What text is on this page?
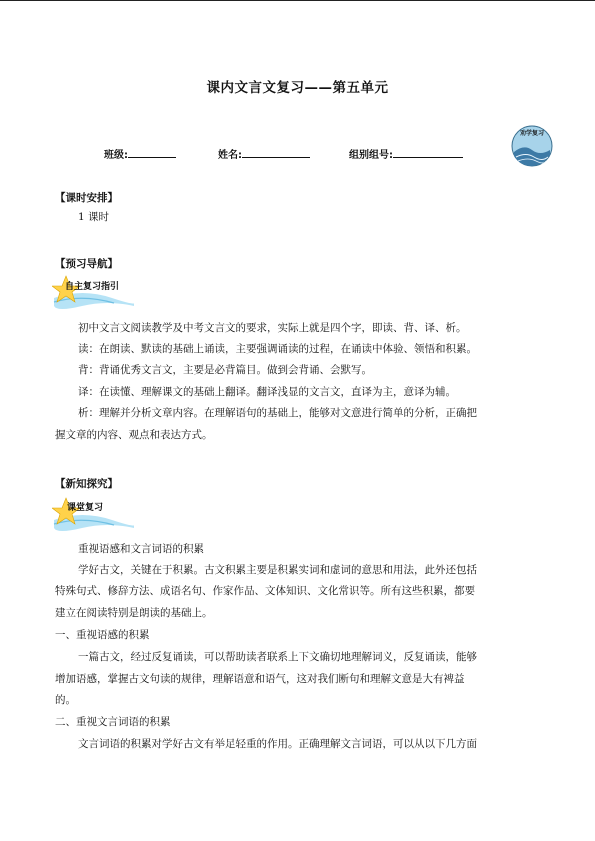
课内文言文复习——第五单元
班级:	姓名:	组别组号:
劝学复习
【课时安排】
1 课时
【预习导航】
自主复习指引
初中文言文阅读教学及中考文言文的要求，实际上就是四个字，即读、背、译、析。
读：在朗读、默读的基础上诵读，主要强调诵读的过程，在诵读中体验、领悟和积累。
背：背诵优秀文言文，主要是必背篇目。做到会背诵、会默写。
译：在读懂、理解课文的基础上翻译。翻译浅显的文言文，直译为主，意译为辅。
析：理解并分析文章内容。在理解语句的基础上，能够对文意进行简单的分析，正确把
握文章的内容、观点和表达方式。
【新知探究】
课堂复习
重视语感和文言词语的积累
学好古文，关键在于积累。古文积累主要是积累实词和虚词的意思和用法，此外还包括
特殊句式、修辞方法、成语名句、作家作品、文体知识、文化常识等。所有这些积累，都要
建立在阅读特别是朗读的基础上。
一、重视语感的积累
一篇古文，经过反复诵读，可以帮助读者联系上下文确切地理解词义，反复诵读，能够
增加语感，掌握古文句读的规律，理解语意和语气，这对我们断句和理解文意是大有裨益
的。
二、重视文言词语的积累
文言词语的积累对学好古文有举足轻重的作用。正确理解文言词语，可以从以下几方面
